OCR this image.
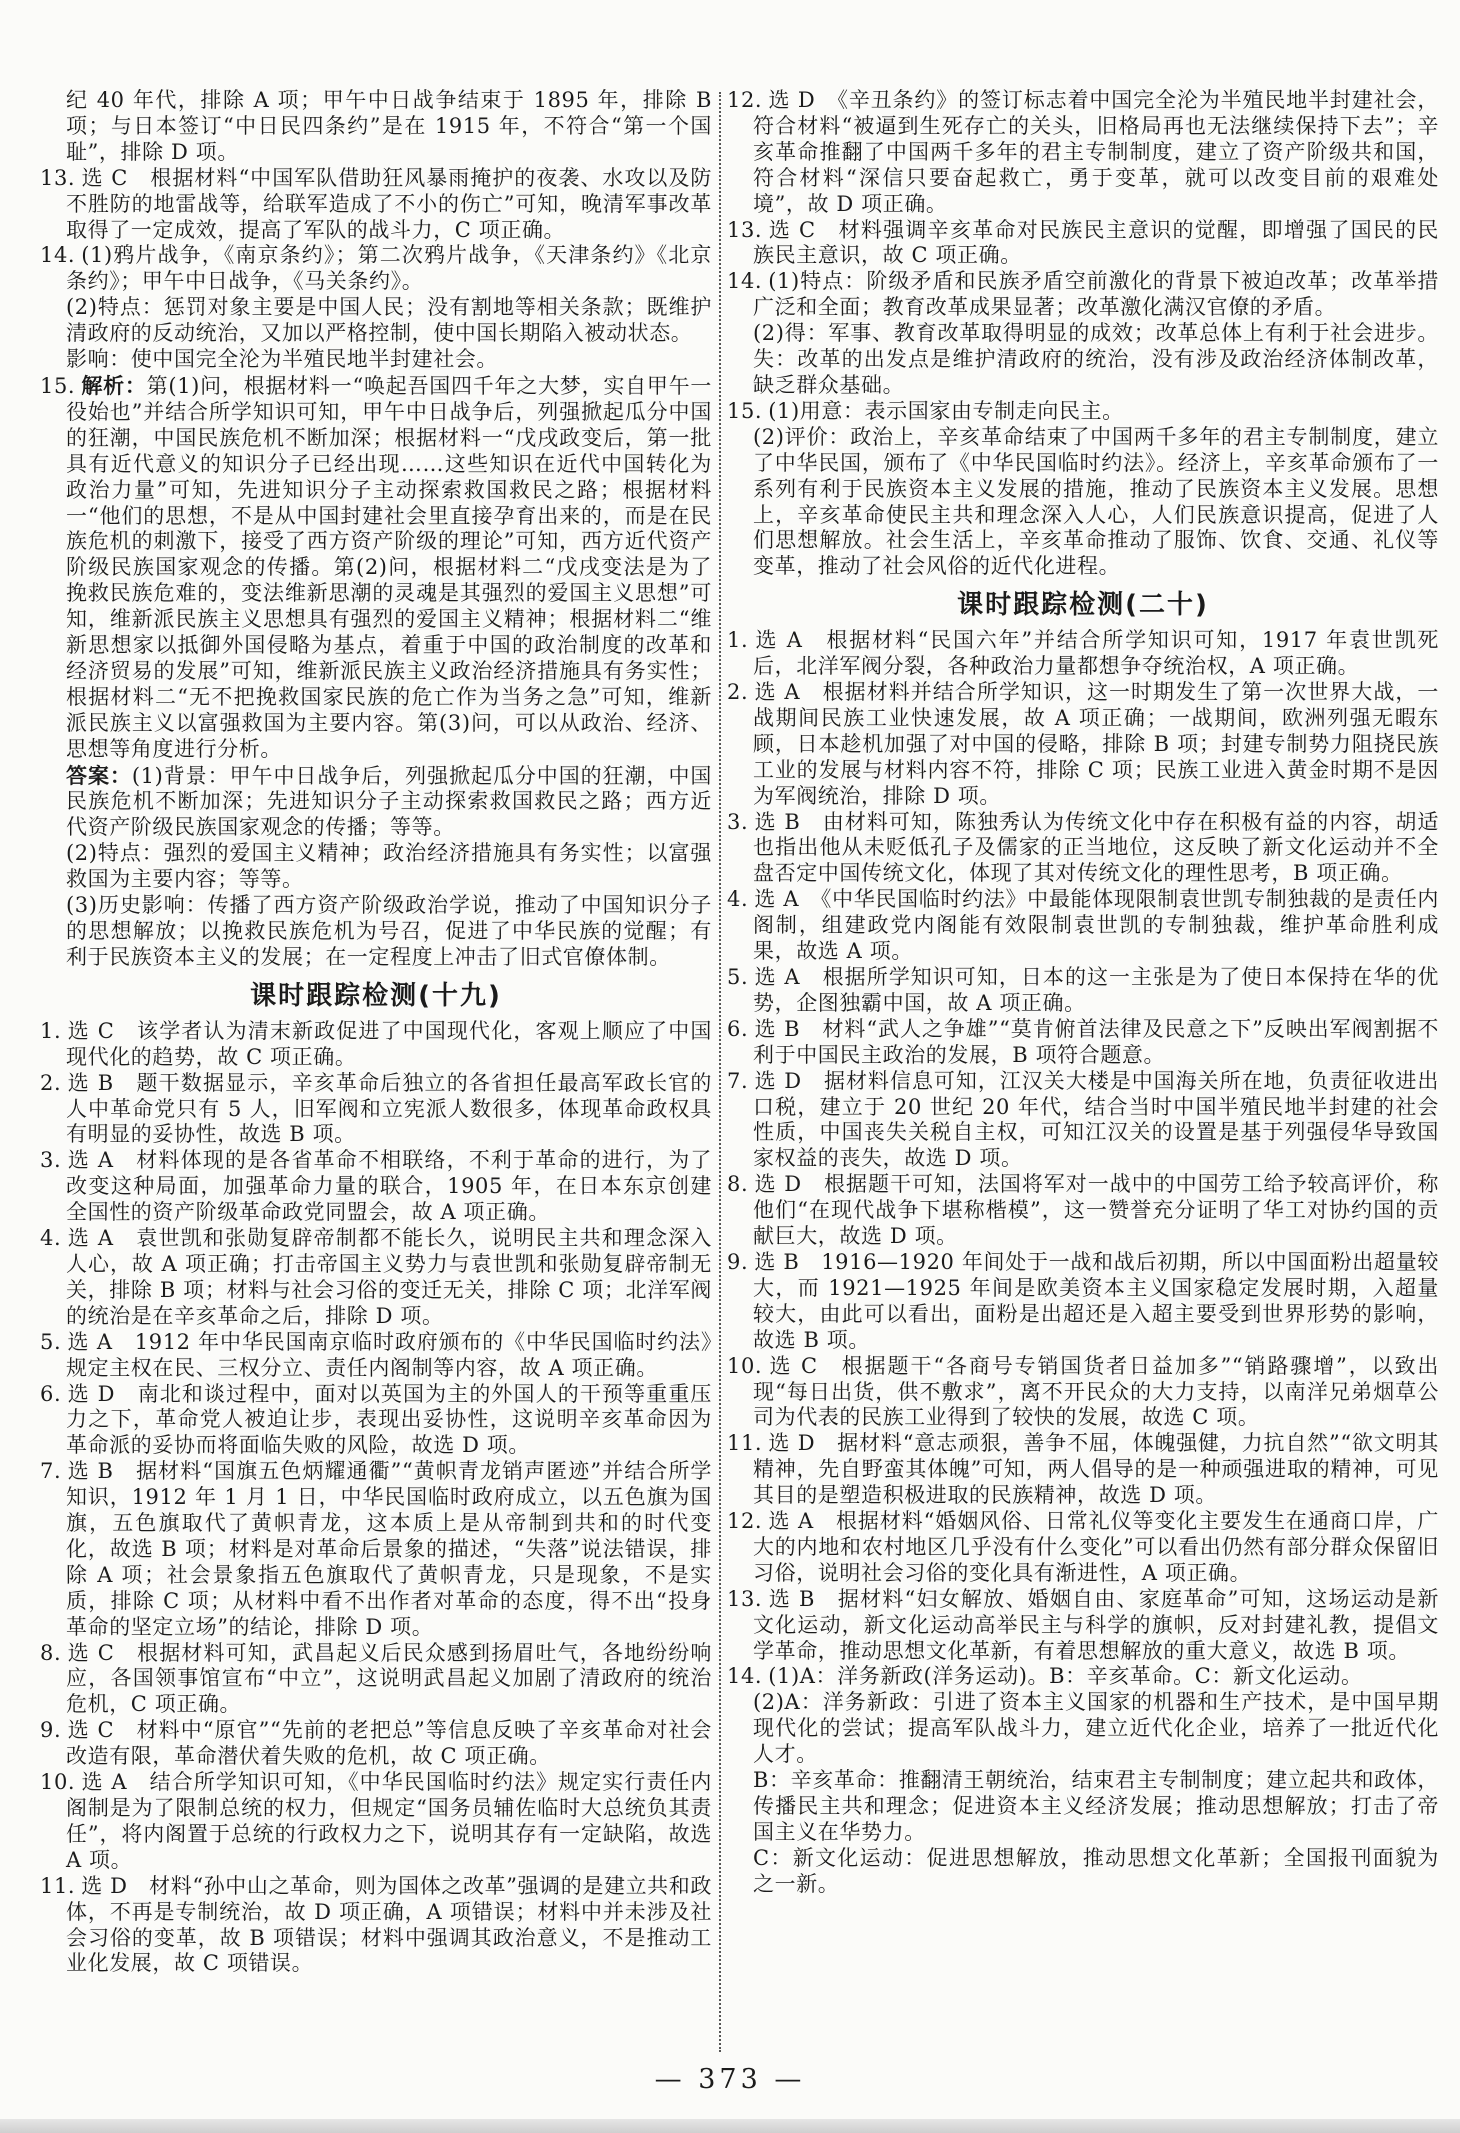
纪 40 年代，排除 A 项；甲午中日战争结束于 1895 年，排除 B 项；与日本签订“中日民四条约”是在 1915 年，不符合“第一个国耻”，排除 D 项。

13. 选 C　根据材料“中国军队借助狂风暴雨掩护的夜袭、水攻以及防不胜防的地雷战等，给联军造成了不小的伤亡”可知，晚清军事改革取得了一定成效，提高了军队的战斗力，C 项正确。

14. (1)鸦片战争，《南京条约》；第二次鸦片战争，《天津条约》《北京条约》；甲午中日战争，《马关条约》。

(2)特点：惩罚对象主要是中国人民；没有割地等相关条款；既维护清政府的反动统治，又加以严格控制，使中国长期陷入被动状态。

影响：使中国完全沦为半殖民地半封建社会。

15. 解析：第(1)问，根据材料一“唤起吾国四千年之大梦，实自甲午一役始也”并结合所学知识可知，甲午中日战争后，列强掀起瓜分中国的狂潮，中国民族危机不断加深；根据材料一“戊戌政变后，第一批具有近代意义的知识分子已经出现……这些知识在近代中国转化为政治力量”可知，先进知识分子主动探索救国救民之路；根据材料一“他们的思想，不是从中国封建社会里直接孕育出来的，而是在民族危机的刺激下，接受了西方资产阶级的理论”可知，西方近代资产阶级民族国家观念的传播。第(2)问，根据材料二“戊戌变法是为了挽救民族危难的，变法维新思潮的灵魂是其强烈的爱国主义思想”可知，维新派民族主义思想具有强烈的爱国主义精神；根据材料二“维新思想家以抵御外国侵略为基点，着重于中国的政治制度的改革和经济贸易的发展”可知，维新派民族主义政治经济措施具有务实性；根据材料二“无不把挽救国家民族的危亡作为当务之急”可知，维新派民族主义以富强救国为主要内容。第(3)问，可以从政治、经济、思想等角度进行分析。

答案：(1)背景：甲午中日战争后，列强掀起瓜分中国的狂潮，中国民族危机不断加深；先进知识分子主动探索救国救民之路；西方近代资产阶级民族国家观念的传播；等等。

(2)特点：强烈的爱国主义精神；政治经济措施具有务实性；以富强救国为主要内容；等等。

(3)历史影响：传播了西方资产阶级政治学说，推动了中国知识分子的思想解放；以挽救民族危机为号召，促进了中华民族的觉醒；有利于民族资本主义的发展；在一定程度上冲击了旧式官僚体制。

课时跟踪检测(十九)

1. 选 C　该学者认为清末新政促进了中国现代化，客观上顺应了中国现代化的趋势，故 C 项正确。

2. 选 B　题干数据显示，辛亥革命后独立的各省担任最高军政长官的人中革命党只有 5 人，旧军阀和立宪派人数很多，体现革命政权具有明显的妥协性，故选 B 项。

3. 选 A　材料体现的是各省革命不相联络，不利于革命的进行，为了改变这种局面，加强革命力量的联合，1905 年，在日本东京创建全国性的资产阶级革命政党同盟会，故 A 项正确。

4. 选 A　袁世凯和张勋复辟帝制都不能长久，说明民主共和理念深入人心，故 A 项正确；打击帝国主义势力与袁世凯和张勋复辟帝制无关，排除 B 项；材料与社会习俗的变迁无关，排除 C 项；北洋军阀的统治是在辛亥革命之后，排除 D 项。

5. 选 A　1912 年中华民国南京临时政府颁布的《中华民国临时约法》规定主权在民、三权分立、责任内阁制等内容，故 A 项正确。

6. 选 D　南北和谈过程中，面对以英国为主的外国人的干预等重重压力之下，革命党人被迫让步，表现出妥协性，这说明辛亥革命因为革命派的妥协而将面临失败的风险，故选 D 项。

7. 选 B　据材料“国旗五色炳耀通衢”“黄帜青龙销声匿迹”并结合所学知识，1912 年 1 月 1 日，中华民国临时政府成立，以五色旗为国旗，五色旗取代了黄帜青龙，这本质上是从帝制到共和的时代变化，故选 B 项；材料是对革命后景象的描述，“失落”说法错误，排除 A 项；社会景象指五色旗取代了黄帜青龙，只是现象，不是实质，排除 C 项；从材料中看不出作者对革命的态度，得不出“投身革命的坚定立场”的结论，排除 D 项。

8. 选 C　根据材料可知，武昌起义后民众感到扬眉吐气，各地纷纷响应，各国领事馆宣布“中立”，这说明武昌起义加剧了清政府的统治危机，C 项正确。

9. 选 C　材料中“原官”“先前的老把总”等信息反映了辛亥革命对社会改造有限，革命潜伏着失败的危机，故 C 项正确。

10. 选 A　结合所学知识可知，《中华民国临时约法》规定实行责任内阁制是为了限制总统的权力，但规定“国务员辅佐临时大总统负其责任”，将内阁置于总统的行政权力之下，说明其存有一定缺陷，故选 A 项。

11. 选 D　材料“孙中山之革命，则为国体之改革”强调的是建立共和政体，不再是专制统治，故 D 项正确，A 项错误；材料中并未涉及社会习俗的变革，故 B 项错误；材料中强调其政治意义，不是推动工业化发展，故 C 项错误。

12. 选 D　《辛丑条约》的签订标志着中国完全沦为半殖民地半封建社会，符合材料“被逼到生死存亡的关头，旧格局再也无法继续保持下去”；辛亥革命推翻了中国两千多年的君主专制制度，建立了资产阶级共和国，符合材料“深信只要奋起救亡，勇于变革，就可以改变目前的艰难处境”，故 D 项正确。

13. 选 C　材料强调辛亥革命对民族民主意识的觉醒，即增强了国民的民族民主意识，故 C 项正确。

14. (1)特点：阶级矛盾和民族矛盾空前激化的背景下被迫改革；改革举措广泛和全面；教育改革成果显著；改革激化满汉官僚的矛盾。

(2)得：军事、教育改革取得明显的成效；改革总体上有利于社会进步。失：改革的出发点是维护清政府的统治，没有涉及政治经济体制改革，缺乏群众基础。

15. (1)用意：表示国家由专制走向民主。

(2)评价：政治上，辛亥革命结束了中国两千多年的君主专制制度，建立了中华民国，颁布了《中华民国临时约法》。经济上，辛亥革命颁布了一系列有利于民族资本主义发展的措施，推动了民族资本主义发展。思想上，辛亥革命使民主共和理念深入人心，人们民族意识提高，促进了人们思想解放。社会生活上，辛亥革命推动了服饰、饮食、交通、礼仪等变革，推动了社会风俗的近代化进程。

课时跟踪检测(二十)

1. 选 A　根据材料“民国六年”并结合所学知识可知，1917 年袁世凯死后，北洋军阀分裂，各种政治力量都想争夺统治权，A 项正确。

2. 选 A　根据材料并结合所学知识，这一时期发生了第一次世界大战，一战期间民族工业快速发展，故 A 项正确；一战期间，欧洲列强无暇东顾，日本趁机加强了对中国的侵略，排除 B 项；封建专制势力阻挠民族工业的发展与材料内容不符，排除 C 项；民族工业进入黄金时期不是因为军阀统治，排除 D 项。

3. 选 B　由材料可知，陈独秀认为传统文化中存在积极有益的内容，胡适也指出他从未贬低孔子及儒家的正当地位，这反映了新文化运动并不全盘否定中国传统文化，体现了其对传统文化的理性思考，B 项正确。

4. 选 A　《中华民国临时约法》中最能体现限制袁世凯专制独裁的是责任内阁制，组建政党内阁能有效限制袁世凯的专制独裁，维护革命胜利成果，故选 A 项。

5. 选 A　根据所学知识可知，日本的这一主张是为了使日本保持在华的优势，企图独霸中国，故 A 项正确。

6. 选 B　材料“武人之争雄”“莫肯俯首法律及民意之下”反映出军阀割据不利于中国民主政治的发展，B 项符合题意。

7. 选 D　据材料信息可知，江汉关大楼是中国海关所在地，负责征收进出口税，建立于 20 世纪 20 年代，结合当时中国半殖民地半封建的社会性质，中国丧失关税自主权，可知江汉关的设置是基于列强侵华导致国家权益的丧失，故选 D 项。

8. 选 D　根据题干可知，法国将军对一战中的中国劳工给予较高评价，称他们“在现代战争下堪称楷模”，这一赞誉充分证明了华工对协约国的贡献巨大，故选 D 项。

9. 选 B　1916—1920 年间处于一战和战后初期，所以中国面粉出超量较大，而 1921—1925 年间是欧美资本主义国家稳定发展时期，入超量较大，由此可以看出，面粉是出超还是入超主要受到世界形势的影响，故选 B 项。

10. 选 C　根据题干“各商号专销国货者日益加多”“销路骤增”，以致出现“每日出货，供不敷求”，离不开民众的大力支持，以南洋兄弟烟草公司为代表的民族工业得到了较快的发展，故选 C 项。

11. 选 D　据材料“意志顽狠，善争不屈，体魄强健，力抗自然”“欲文明其精神，先自野蛮其体魄”可知，两人倡导的是一种顽强进取的精神，可见其目的是塑造积极进取的民族精神，故选 D 项。

12. 选 A　根据材料“婚姻风俗、日常礼仪等变化主要发生在通商口岸，广大的内地和农村地区几乎没有什么变化”可以看出仍然有部分群众保留旧习俗，说明社会习俗的变化具有渐进性，A 项正确。

13. 选 B　据材料“妇女解放、婚姻自由、家庭革命”可知，这场运动是新文化运动，新文化运动高举民主与科学的旗帜，反对封建礼教，提倡文学革命，推动思想文化革新，有着思想解放的重大意义，故选 B 项。

14. (1)A：洋务新政(洋务运动)。B：辛亥革命。C：新文化运动。

(2)A：洋务新政：引进了资本主义国家的机器和生产技术，是中国早期现代化的尝试；提高军队战斗力，建立近代化企业，培养了一批近代化人才。

B：辛亥革命：推翻清王朝统治，结束君主专制制度；建立起共和政体，传播民主共和理念；促进资本主义经济发展；推动思想解放；打击了帝国主义在华势力。

C：新文化运动：促进思想解放，推动思想文化革新；全国报刊面貌为之一新。

— 373 —
